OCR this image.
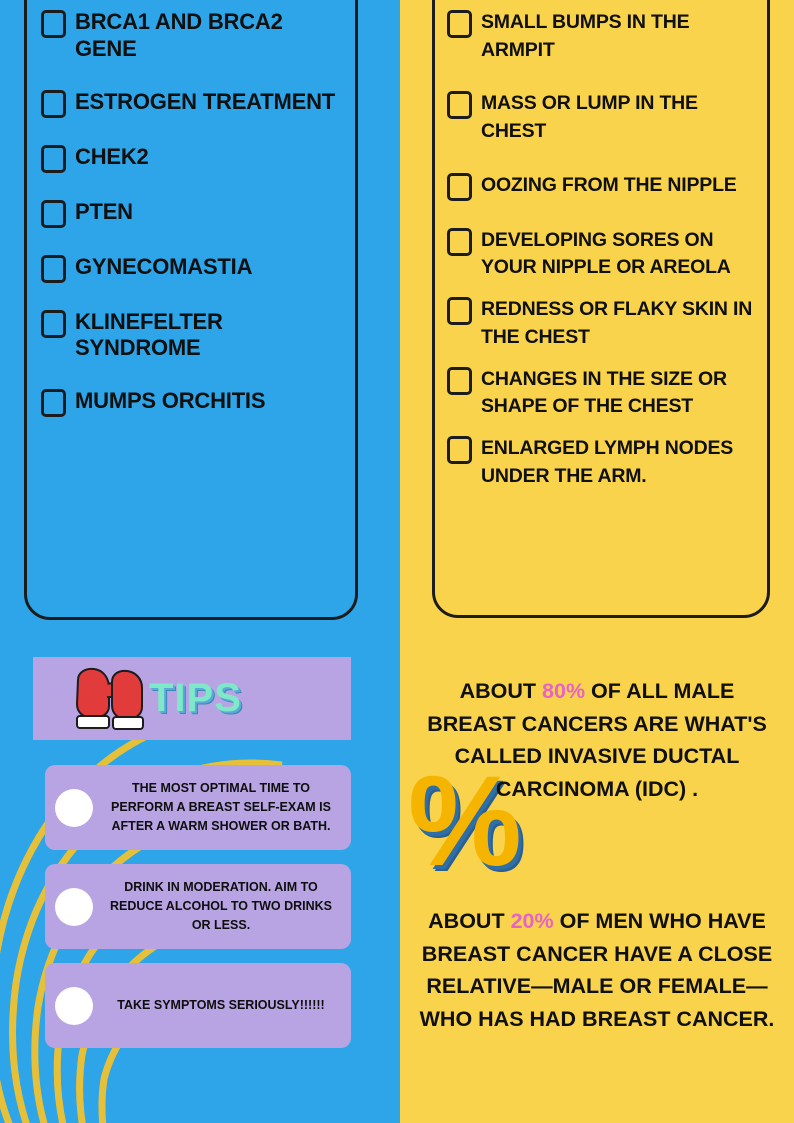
BRCA1 AND BRCA2 GENE
ESTROGEN TREATMENT
CHEK2
PTEN
GYNECOMASTIA
KLINEFELTER SYNDROME
MUMPS ORCHITIS
TIPS
THE MOST OPTIMAL TIME TO PERFORM A BREAST SELF-EXAM IS AFTER A WARM SHOWER OR BATH.
DRINK IN MODERATION. AIM TO REDUCE ALCOHOL TO TWO DRINKS OR LESS.
TAKE SYMPTOMS SERIOUSLY!!!!!!
SMALL BUMPS IN THE ARMPIT
MASS OR LUMP IN THE CHEST
OOZING FROM THE NIPPLE
DEVELOPING SORES ON YOUR NIPPLE OR AREOLA
REDNESS OR FLAKY SKIN IN THE CHEST
CHANGES IN THE SIZE OR SHAPE OF THE CHEST
ENLARGED LYMPH NODES UNDER THE ARM.
%
ABOUT 80% OF ALL MALE BREAST CANCERS ARE WHAT'S CALLED INVASIVE DUCTAL CARCINOMA (IDC) .
ABOUT 20% OF MEN WHO HAVE BREAST CANCER HAVE A CLOSE RELATIVE—MALE OR FEMALE—WHO HAS HAD BREAST CANCER.
